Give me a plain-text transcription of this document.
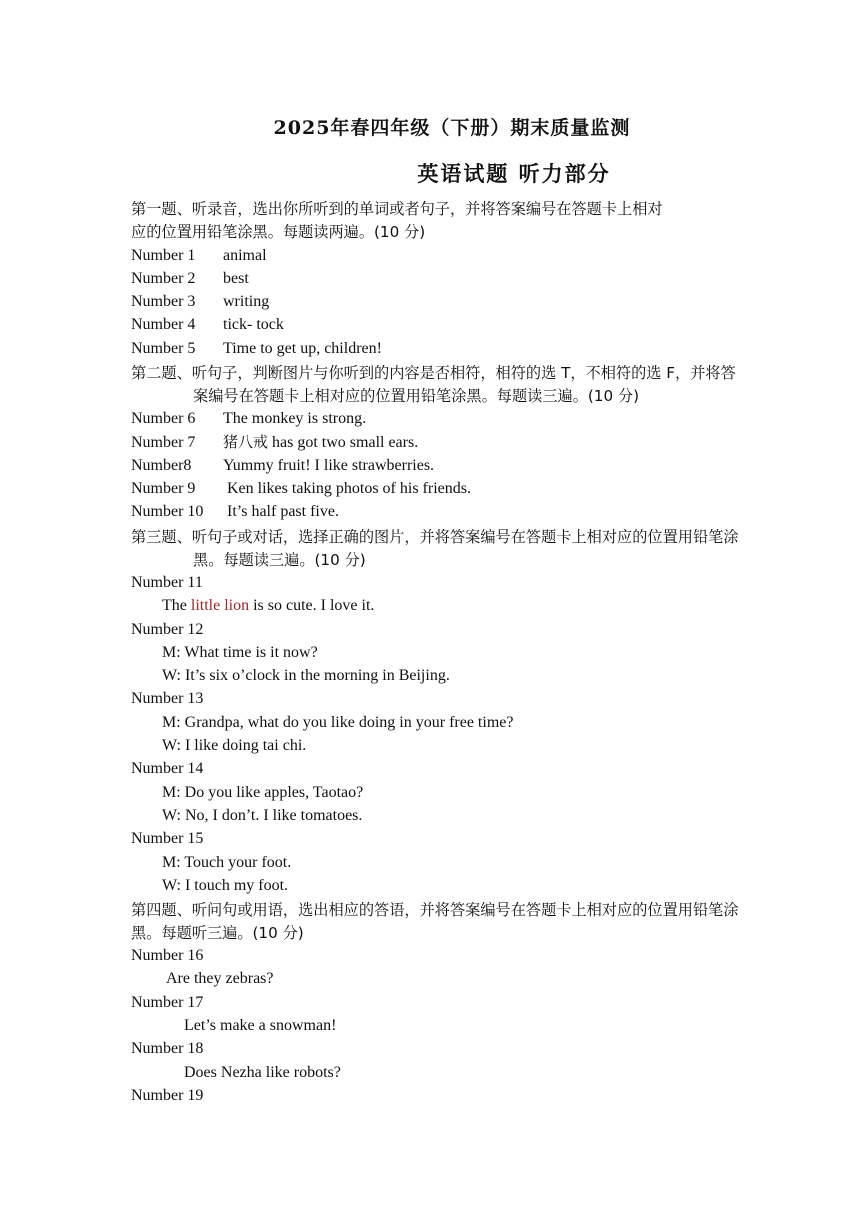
2025年春四年级（下册）期末质量监测
英语试题 听力部分
第一题、听录音，选出你所听到的单词或者句子，并将答案编号在答题卡上相对
应的位置用铅笔涂黑。每题读两遍。(10 分)
Number 1 animal
Number 2 best
Number 3 writing
Number 4 tick- tock
Number 5 Time to get up, children!
第二题、听句子，判断图片与你听到的内容是否相符，相符的选 T，不相符的选 F，并将答
案编号在答题卡上相对应的位置用铅笔涂黑。每题读三遍。(10 分)
Number 6 The monkey is strong.
Number 7 猪八戒 has got two small ears.
Number8 Yummy fruit! I like strawberries.
Number 9 Ken likes taking photos of his friends.
Number 10 It’s half past five.
第三题、听句子或对话，选择正确的图片，并将答案编号在答题卡上相对应的位置用铅笔涂
黑。每题读三遍。(10 分)
Number 11
The little lion is so cute. I love it.
Number 12
M: What time is it now?
W: It’s six o’clock in the morning in Beijing.
Number 13
M: Grandpa, what do you like doing in your free time?
W: I like doing tai chi.
Number 14
M: Do you like apples, Taotao?
W: No, I don’t. I like tomatoes.
Number 15
M: Touch your foot.
W: I touch my foot.
第四题、听问句或用语，选出相应的答语，并将答案编号在答题卡上相对应的位置用铅笔涂
黑。每题听三遍。(10 分)
Number 16
Are they zebras?
Number 17
Let’s make a snowman!
Number 18
Does Nezha like robots?
Number 19
